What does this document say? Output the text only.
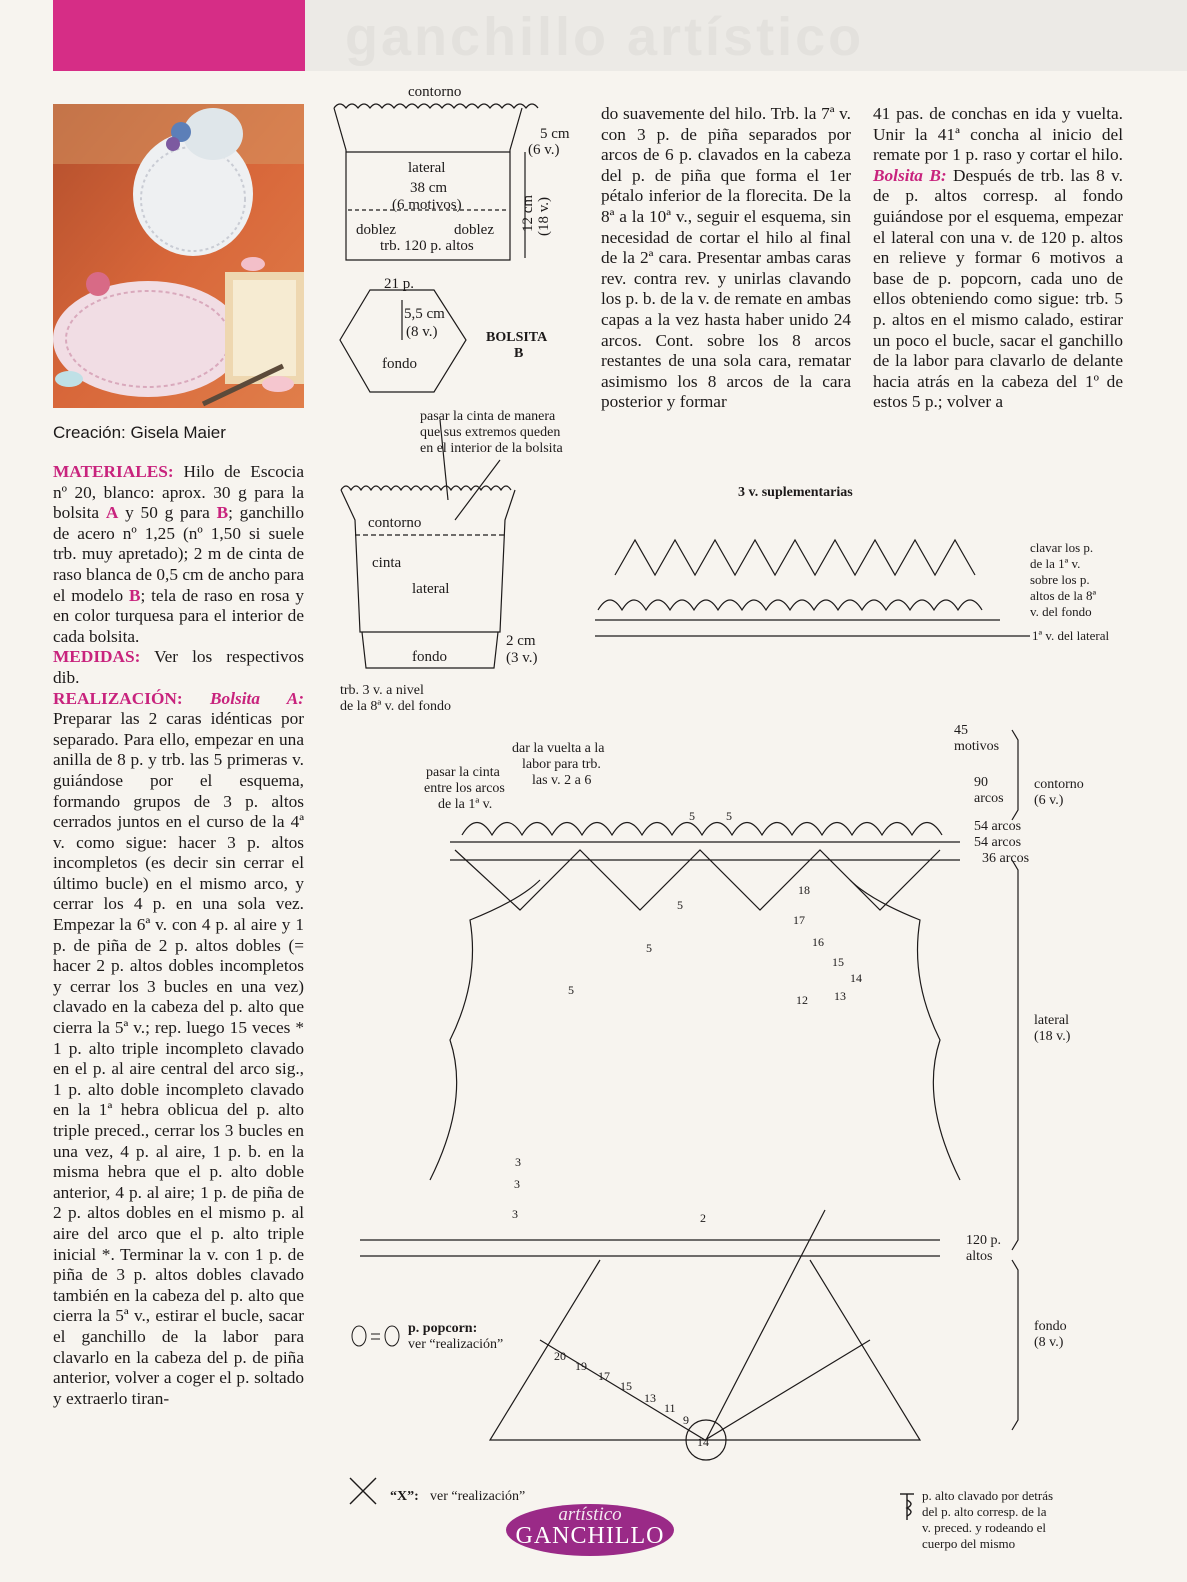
ganchillo artístico
Creación: Gisela Maier

MATERIALES: Hilo de Escocia nº 20, blanco: aprox. 30 g para la bolsita A y 50 g para B; ganchillo de acero nº 1,25 (nº 1,50 si suele trb. muy apretado); 2 m de cinta de raso blanca de 0,5 cm de ancho para el modelo B; tela de raso en rosa y en color turquesa para el interior de cada bolsita.

MEDIDAS: Ver los respectivos dib.

REALIZACIÓN: Bolsita A: Preparar las 2 caras idénticas por separado. Para ello, empezar en una anilla de 8 p. y trb. las 5 primeras v. guiándose por el esquema, formando grupos de 3 p. altos cerrados juntos en el curso de la 4ª v. como sigue: hacer 3 p. altos incompletos (es decir sin cerrar el último bucle) en el mismo arco, y cerrar los 4 p. en una sola vez. Empezar la 6ª v. con 4 p. al aire y 1 p. de piña de 2 p. altos dobles (= hacer 2 p. altos dobles incompletos y cerrar los 3 bucles en una vez) clavado en la cabeza del p. alto que cierra la 5ª v.; rep. luego 15 veces * 1 p. alto triple incompleto clavado en el p. al aire central del arco sig., 1 p. alto doble incompleto clavado en la 1ª hebra oblicua del p. alto triple preced., cerrar los 3 bucles en una vez, 4 p. al aire, 1 p. b. en la misma hebra que el p. alto doble anterior, 4 p. al aire; 1 p. de piña de 2 p. altos dobles en el mismo p. al aire del arco que el p. alto triple inicial *. Terminar la v. con 1 p. de piña de 3 p. altos dobles clavado también en la cabeza del p. alto que cierra la 5ª v., estirar el bucle, sacar el ganchillo de la labor para clavarlo en la cabeza del p. de piña anterior, volver a coger el p. soltado y extraerlo tiran-

do suavemente del hilo. Trb. la 7ª v. con 3 p. de piña separados por arcos de 6 p. clavados en la cabeza del p. de piña que forma el 1er pétalo inferior de la florecita. De la 8ª a la 10ª v., seguir el esquema, sin necesidad de cortar el hilo al final de la 2ª cara. Presentar ambas caras rev. contra rev. y unirlas clavando los p. b. de la v. de remate en ambas capas a la vez hasta haber unido 24 arcos. Cont. sobre los 8 arcos restantes de una sola cara, rematar asimismo los 8 arcos de la cara posterior y formar

41 pas. de conchas en ida y vuelta. Unir la 41ª concha al inicio del remate por 1 p. raso y cortar el hilo. Bolsita B: Después de trb. las 8 v. de p. altos corresp. al fondo guiándose por el esquema, empezar el lateral con una v. de 120 p. altos en relieve y formar 6 motivos a base de p. popcorn, cada uno de ellos obteniendo como sigue: trb. 5 p. altos en el mismo calado, estirar un poco el bucle, sacar el ganchillo de la labor para clavarlo de delante hacia atrás en la cabeza del 1º de estos 5 p.; volver a

contorno
5 cm
(6 v.)
lateral
38 cm
(6 motivos)
doblez	doblez
trb. 120 p. altos
12 cm (18 v.)
21 p.
5,5 cm
(8 v.)
fondo
BOLSITA
B
pasar la cinta de manera
que sus extremos queden
en el interior de la bolsita
contorno
cinta
lateral
fondo
2 cm
(3 v.)
trb. 3 v. a nivel
de la 8ª v. del fondo
3 v. suplementarias
clavar los p.
de la 1ª v.
sobre los p.
altos de la 8ª
v. del fondo
1ª v. del lateral
45
motivos
90
arcos
contorno
(6 v.)
54 arcos
54 arcos
36 arcos
dar la vuelta a la
labor para trb.
las v. 2 a 6
pasar la cinta
entre los arcos
de la 1ª v.
lateral
(18 v.)
120 p.
altos
fondo
(8 v.)
p. popcorn:
ver “realización”
“X”: ver “realización”	p. alto clavado por detrás
del p. alto corresp. de la
v. preced. y rodeando el
cuerpo del mismo
18
17
16
15
14
13
12
5
5
5
5	5
3
3
3
2
20
19
17
15
13
11
9
14
artístico
GANCHILLO
